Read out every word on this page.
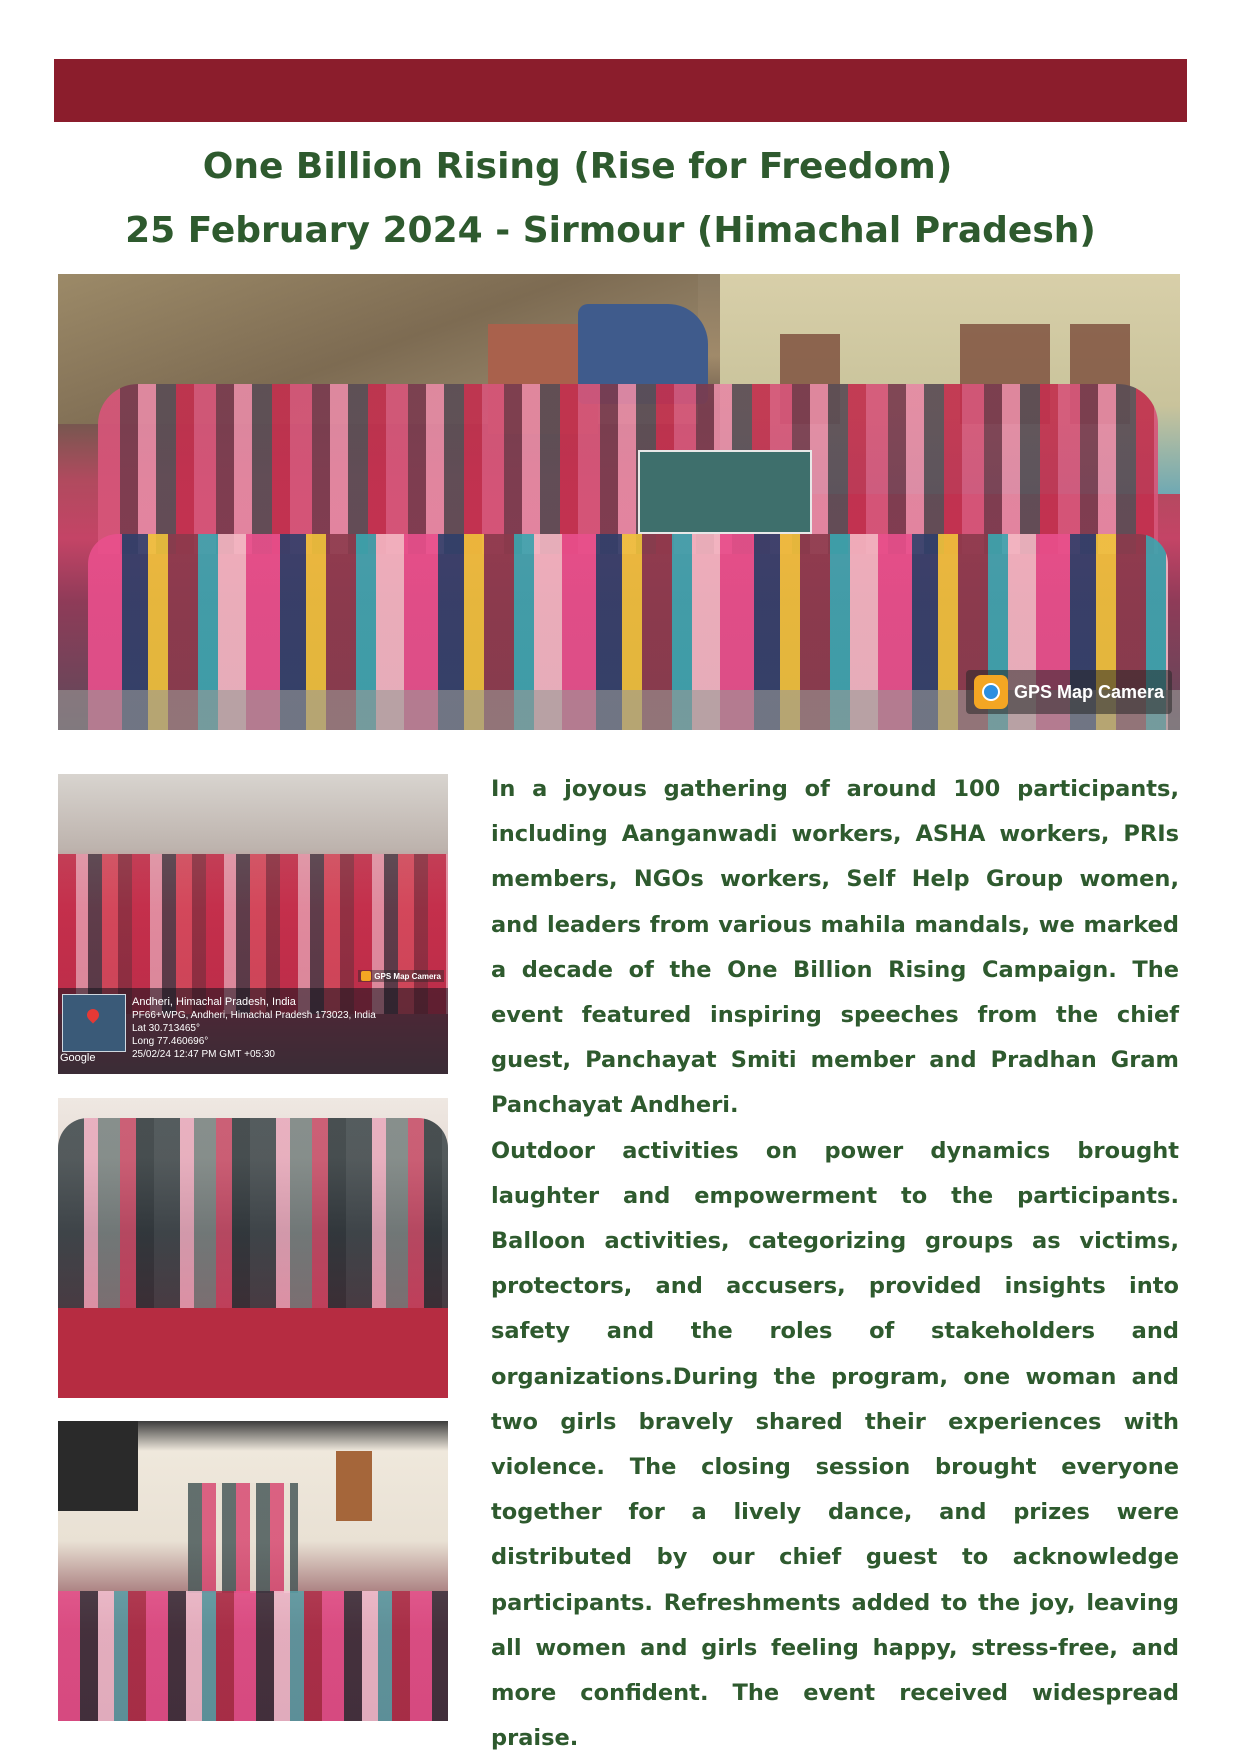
One Billion Rising (Rise for Freedom)
25 February 2024 - Sirmour (Himachal Pradesh)
GPS Map Camera
GPS Map Camera
Andheri, Himachal Pradesh, India
PF66+WPG, Andheri, Himachal Pradesh 173023, India
Lat 30.713465°
Long 77.460696°
25/02/24 12:47 PM GMT +05:30
Google

In a joyous gathering of around 100 participants, including Aanganwadi workers, ASHA workers, PRIs members, NGOs workers, Self Help Group women, and leaders from various mahila mandals, we marked a decade of the One Billion Rising Campaign. The event featured inspiring speeches from the chief guest, Panchayat Smiti member and Pradhan Gram Panchayat Andheri.

Outdoor activities on power dynamics brought laughter and empowerment to the participants. Balloon activities, categorizing groups as victims, protectors, and accusers, provided insights into safety and the roles of stakeholders and organizations.During the program, one woman and two girls bravely shared their experiences with violence. The closing session brought everyone together for a lively dance, and prizes were distributed by our chief guest to acknowledge participants. Refreshments added to the joy, leaving all women and girls feeling happy, stress-free, and more confident. The event received widespread praise.
